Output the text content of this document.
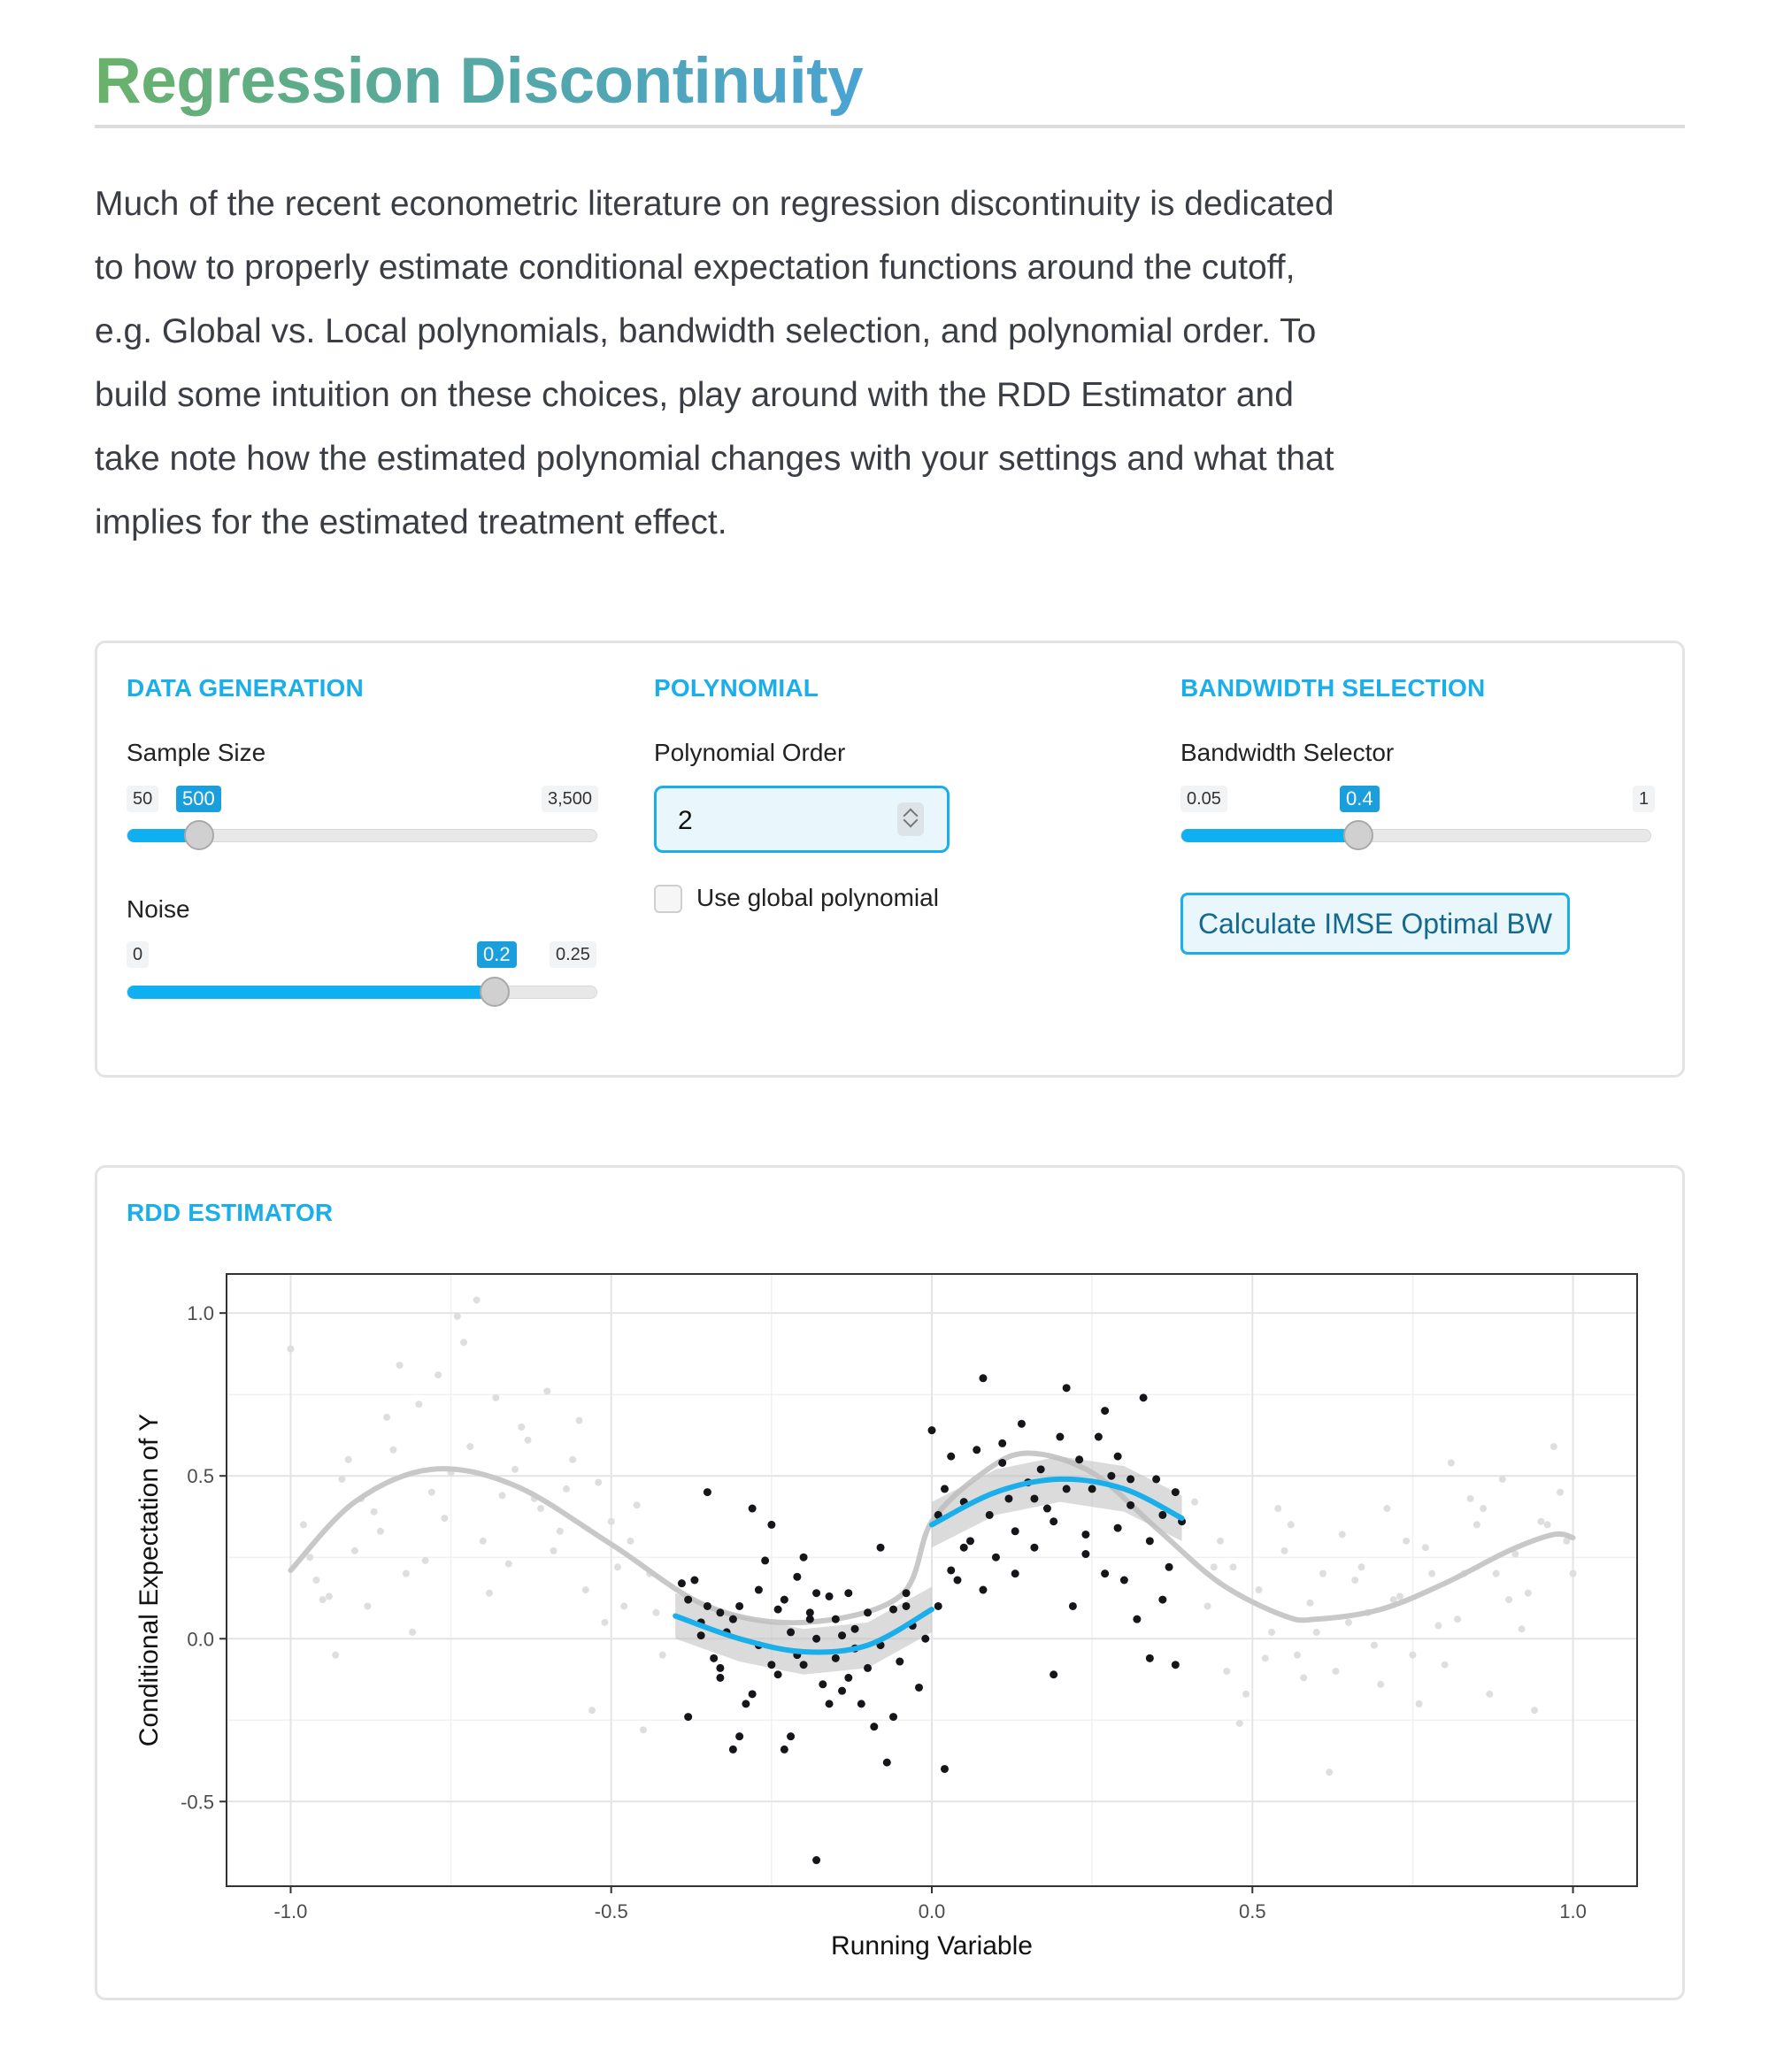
Regression Discontinuity
Much of the recent econometric literature on regression discontinuity is dedicated
to how to properly estimate conditional expectation functions around the cutoff,
e.g. Global vs. Local polynomials, bandwidth selection, and polynomial order. To
build some intuition on these choices, play around with the RDD Estimator and
take note how the estimated polynomial changes with your settings and what that
implies for the estimated treatment effect.
DATA GENERATION
Sample Size
50	500	3,500
Noise
0	0.2	0.25
POLYNOMIAL
Polynomial Order
2
Use global polynomial
BANDWIDTH SELECTION
Bandwidth Selector
0.05	0.4	1
Calculate IMSE Optimal BW
RDD ESTIMATOR
-1.0	-0.5	0.0	0.5	1.0
1.0
0.5
0.0
-0.5
Running Variable
Conditional Expectation of Y
